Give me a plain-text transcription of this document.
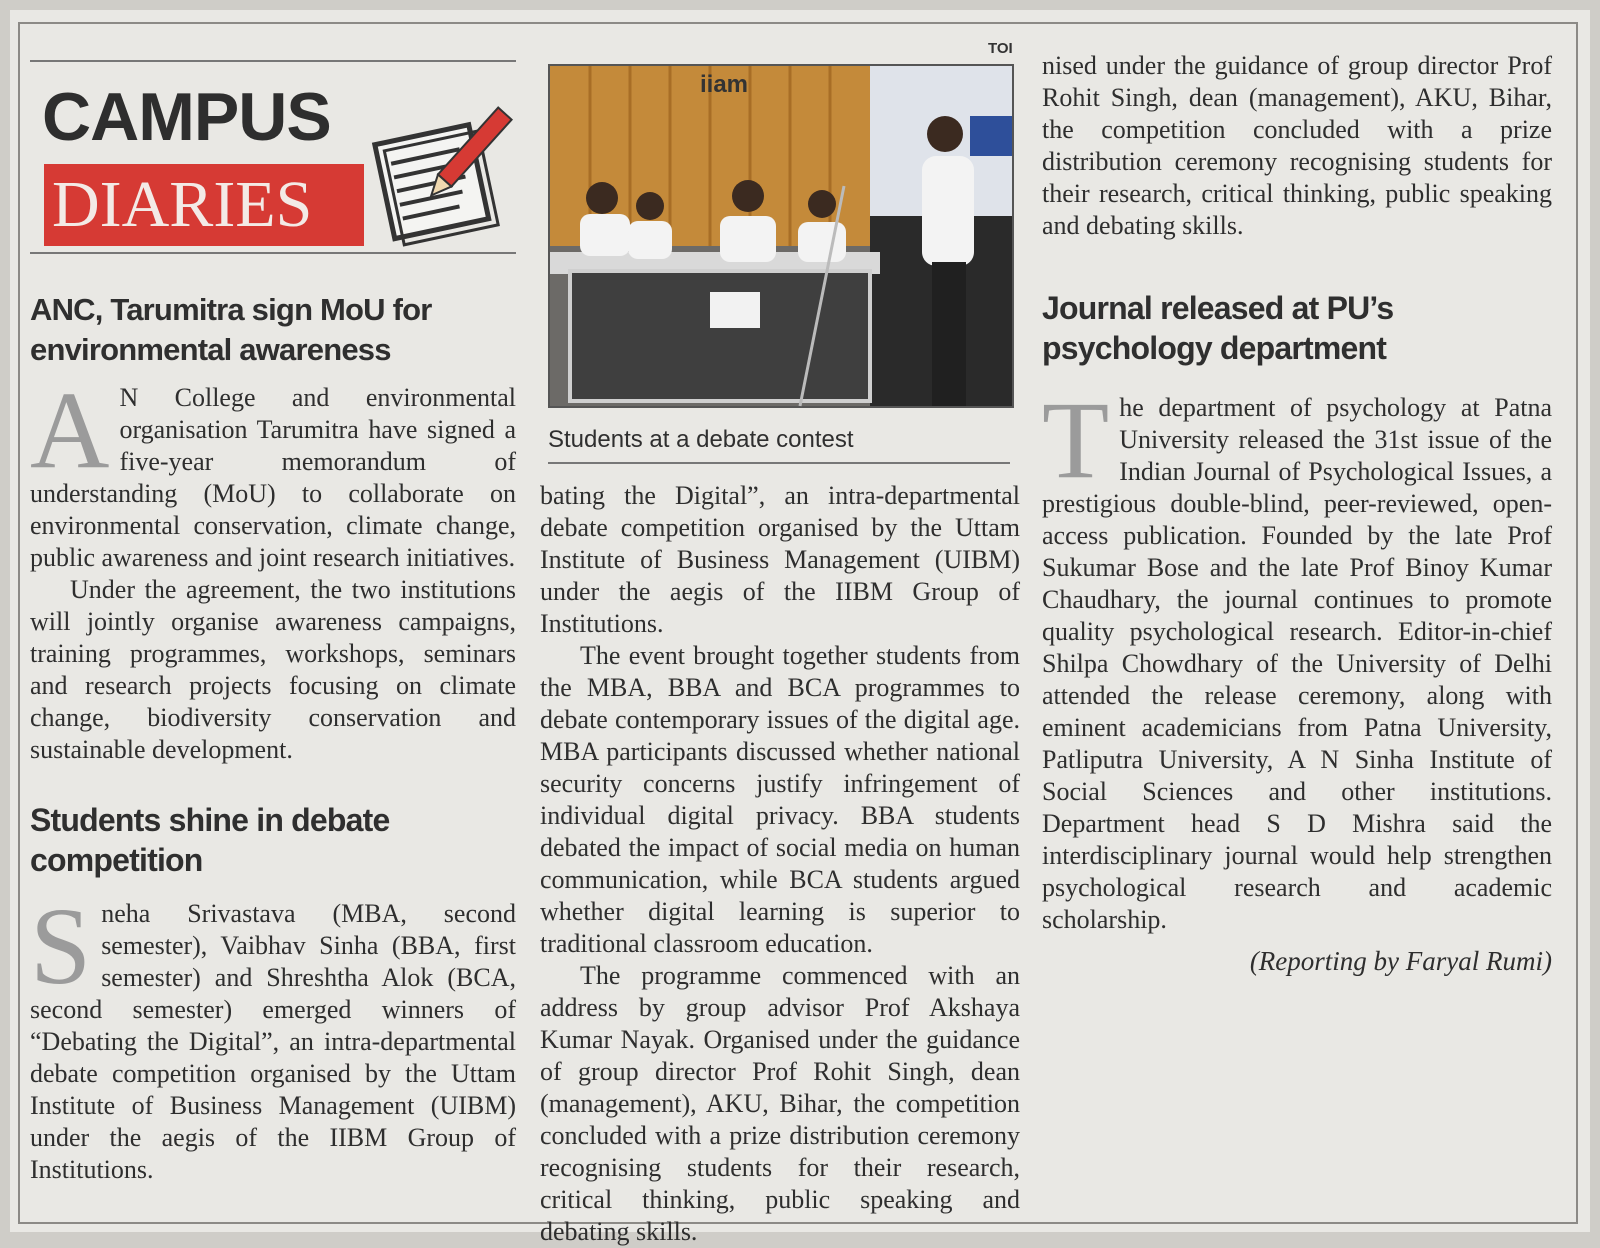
CAMPUS
DIARIES
ANC, Tarumitra sign MoU for environmental awareness
A N College and environmental organisation Tarumitra have signed a five-year memorandum of understanding (MoU) to collaborate on environmental conservation, climate change, public awareness and joint research initiatives.

Under the agreement, the two institutions will jointly organise awareness campaigns, training programmes, workshops, seminars and research projects focusing on climate change, biodiversity conservation and sustainable development.

Students shine in debate competition
S neha Srivastava (MBA, second semester), Vaibhav Sinha (BBA, first semester) and Shreshtha Alok (BCA, second semester) emerged winners of “Debating the Digital”, an intra-departmental debate competition organised by the Uttam Institute of Business Management (UIBM) under the aegis of the IIBM Group of Institutions.

TOI
iiam
Students at a debate contest

bating the Digital”, an intra-departmental debate competition organised by the Uttam Institute of Business Management (UIBM) under the aegis of the IIBM Group of Institutions.

The event brought together students from the MBA, BBA and BCA programmes to debate contemporary issues of the digital age. MBA participants discussed whether national security concerns justify infringement of individual digital privacy. BBA students debated the impact of social media on human communication, while BCA students argued whether digital learning is superior to traditional classroom education.

The programme commenced with an address by group advisor Prof Akshaya Kumar Nayak. Organised under the guidance of group director Prof Rohit Singh, dean (management), AKU, Bihar, the competition concluded with a prize distribution ceremony recognising students for their research, critical thinking, public speaking and debating skills.

nised under the guidance of group director Prof Rohit Singh, dean (management), AKU, Bihar, the competition concluded with a prize distribution ceremony recognising students for their research, critical thinking, public speaking and debating skills.

Journal released at PU’s psychology department
T he department of psychology at Patna University released the 31st issue of the Indian Journal of Psychological Issues, a prestigious double-blind, peer-reviewed, open-access publication. Founded by the late Prof Sukumar Bose and the late Prof Binoy Kumar Chaudhary, the journal continues to promote quality psychological research. Editor-in-chief Shilpa Chowdhary of the University of Delhi attended the release ceremony, along with eminent academicians from Patna University, Patliputra University, A N Sinha Institute of Social Sciences and other institutions. Department head S D Mishra said the interdisciplinary journal would help strengthen psychological research and academic scholarship.

(Reporting by Faryal Rumi)
